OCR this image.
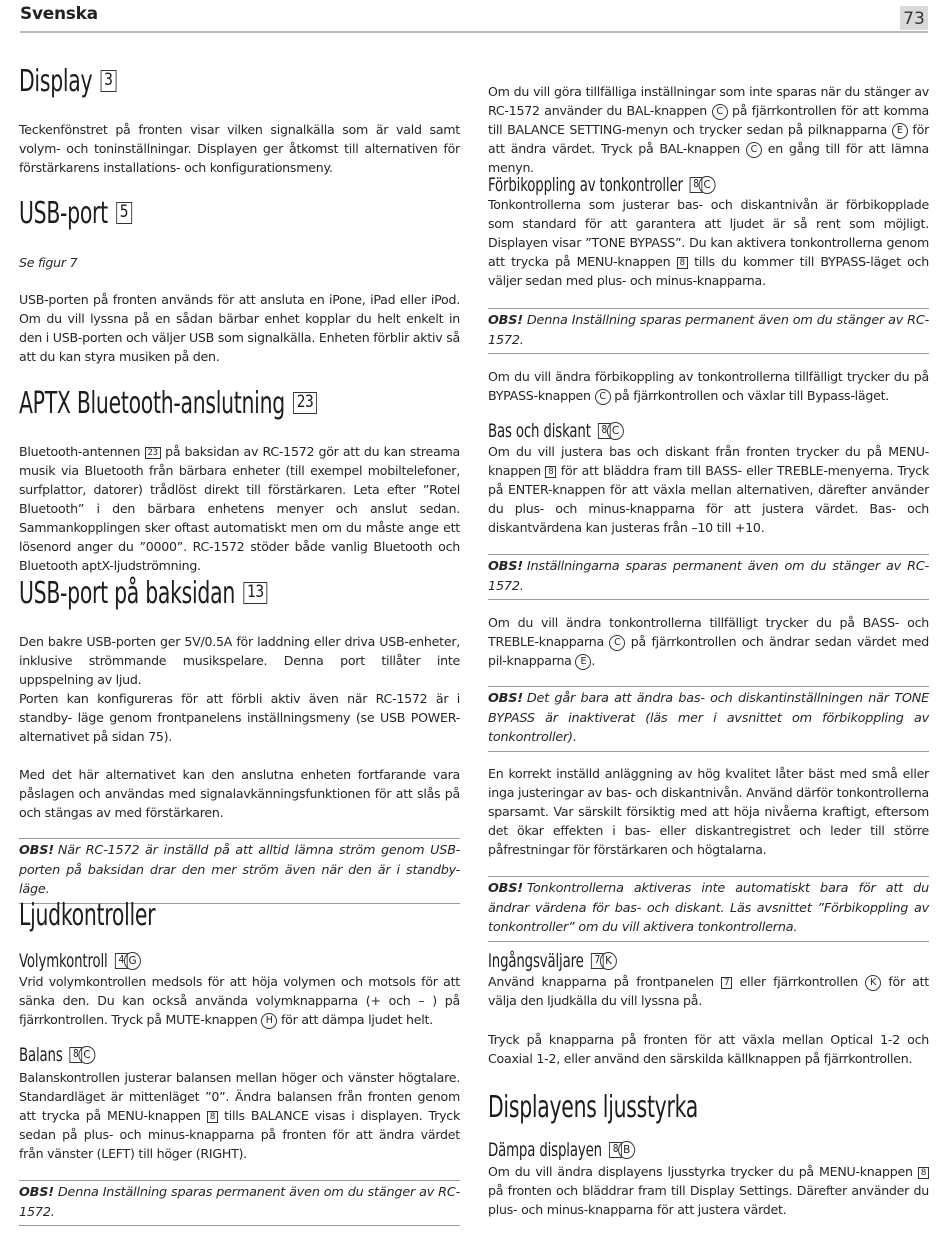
Svenska	73
Display 3

Teckenfönstret på fronten visar vilken signalkälla som är vald samt volym- och toninställningar. Displayen ger åtkomst till alternativen för förstärkarens installations- och konfigurationsmeny.

USB-port 5

Se figur 7

USB-porten på fronten används för att ansluta en iPone, iPad eller iPod. Om du vill lyssna på en sådan bärbar enhet kopplar du helt enkelt in den i USB-porten och väljer USB som signalkälla. Enheten förblir aktiv så att du kan styra musiken på den.

APTX Bluetooth-anslutning 23

Bluetooth-antennen 23 på baksidan av RC-1572 gör att du kan streama musik via Bluetooth från bärbara enheter (till exempel mobiltelefoner, surfplattor, datorer) trådlöst direkt till förstärkaren. Leta efter ”Rotel Bluetooth” i den bärbara enhetens menyer och anslut sedan. Sammankopplingen sker oftast automatiskt men om du måste ange ett lösenord anger du ”0000”. RC-1572 stöder både vanlig Bluetooth och Bluetooth aptX-ljudströmning.

USB-port på baksidan 13

Den bakre USB-porten ger 5V/0.5A för laddning eller driva USB-enheter, inklusive strömmande musikspelare. Denna port tillåter inte uppspelning av ljud.

Porten kan konfigureras för att förbli aktiv även när RC-1572 är i standby- läge genom frontpanelens inställningsmeny (se USB POWER-alternativet på sidan 75).

Med det här alternativet kan den anslutna enheten fortfarande vara påslagen och användas med signalavkänningsfunktionen för att slås på och stängas av med förstärkaren.

OBS! När RC-1572 är inställd på att alltid lämna ström genom USB-porten på baksidan drar den mer ström även när den är i standby-läge.
Ljudkontroller
Volymkontroll 4 G

Vrid volymkontrollen medsols för att höja volymen och motsols för att sänka den. Du kan också använda volymknapparna (+ och – ) på fjärrkontrollen. Tryck på MUTE-knappen H för att dämpa ljudet helt.

Balans 8 C

Balanskontrollen justerar balansen mellan höger och vänster högtalare. Standardläget är mittenläget ”0”. Ändra balansen från fronten genom att trycka på MENU-knappen 8 tills BALANCE visas i displayen. Tryck sedan på plus- och minus-knapparna på fronten för att ändra värdet från vänster (LEFT) till höger (RIGHT).

OBS! Denna Inställning sparas permanent även om du stänger av RC-1572.

Om du vill göra tillfälliga inställningar som inte sparas när du stänger av RC-1572 använder du BAL-knappen C på fjärrkontrollen för att komma till BALANCE SETTING-menyn och trycker sedan på pilknapparna E för att ändra värdet. Tryck på BAL-knappen C en gång till för att lämna menyn.

Förbikoppling av tonkontroller 8 C

Tonkontrollerna som justerar bas- och diskantnivån är förbikopplade som standard för att garantera att ljudet är så rent som möjligt. Displayen visar ”TONE BYPASS”. Du kan aktivera tonkontrollerna genom att trycka på MENU-knappen 8 tills du kommer till BYPASS-läget och väljer sedan med plus- och minus-knapparna.

OBS! Denna Inställning sparas permanent även om du stänger av RC-1572.

Om du vill ändra förbikoppling av tonkontrollerna tillfälligt trycker du på BYPASS-knappen C på fjärrkontrollen och växlar till Bypass-läget.

Bas och diskant 8 C

Om du vill justera bas och diskant från fronten trycker du på MENU- knappen 8 för att bläddra fram till BASS- eller TREBLE-menyerna. Tryck på ENTER-knappen för att växla mellan alternativen, därefter använder du plus- och minus-knapparna för att justera värdet. Bas- och diskantvärdena kan justeras från –10 till +10.

OBS! Inställningarna sparas permanent även om du stänger av RC-1572.

Om du vill ändra tonkontrollerna tillfälligt trycker du på BASS- och TREBLE-knapparna C på fjärrkontrollen och ändrar sedan värdet med pil-knapparna E .

OBS! Det går bara att ändra bas- och diskantinställningen när TONE BYPASS är inaktiverat (läs mer i avsnittet om förbikoppling av tonkontroller).

En korrekt inställd anläggning av hög kvalitet låter bäst med små eller inga justeringar av bas- och diskantnivån. Använd därför tonkontrollerna sparsamt. Var särskilt försiktig med att höja nivåerna kraftigt, eftersom det ökar effekten i bas- eller diskantregistret och leder till större påfrestningar för förstärkaren och högtalarna.

OBS! Tonkontrollerna aktiveras inte automatiskt bara för att du ändrar värdena för bas- och diskant. Läs avsnittet ”Förbikoppling av tonkontroller” om du vill aktivera tonkontrollerna.
Ingångsväljare 7 K

Använd knapparna på frontpanelen 7 eller fjärrkontrollen K för att välja den ljudkälla du vill lyssna på.

Tryck på knapparna på fronten för att växla mellan Optical 1-2 och Coaxial 1-2, eller använd den särskilda källknappen på fjärrkontrollen.

Displayens ljusstyrka
Dämpa displayen 8 B

Om du vill ändra displayens ljusstyrka trycker du på MENU-knappen 8 på fronten och bläddrar fram till Display Settings. Därefter använder du plus- och minus-knapparna för att justera värdet.
